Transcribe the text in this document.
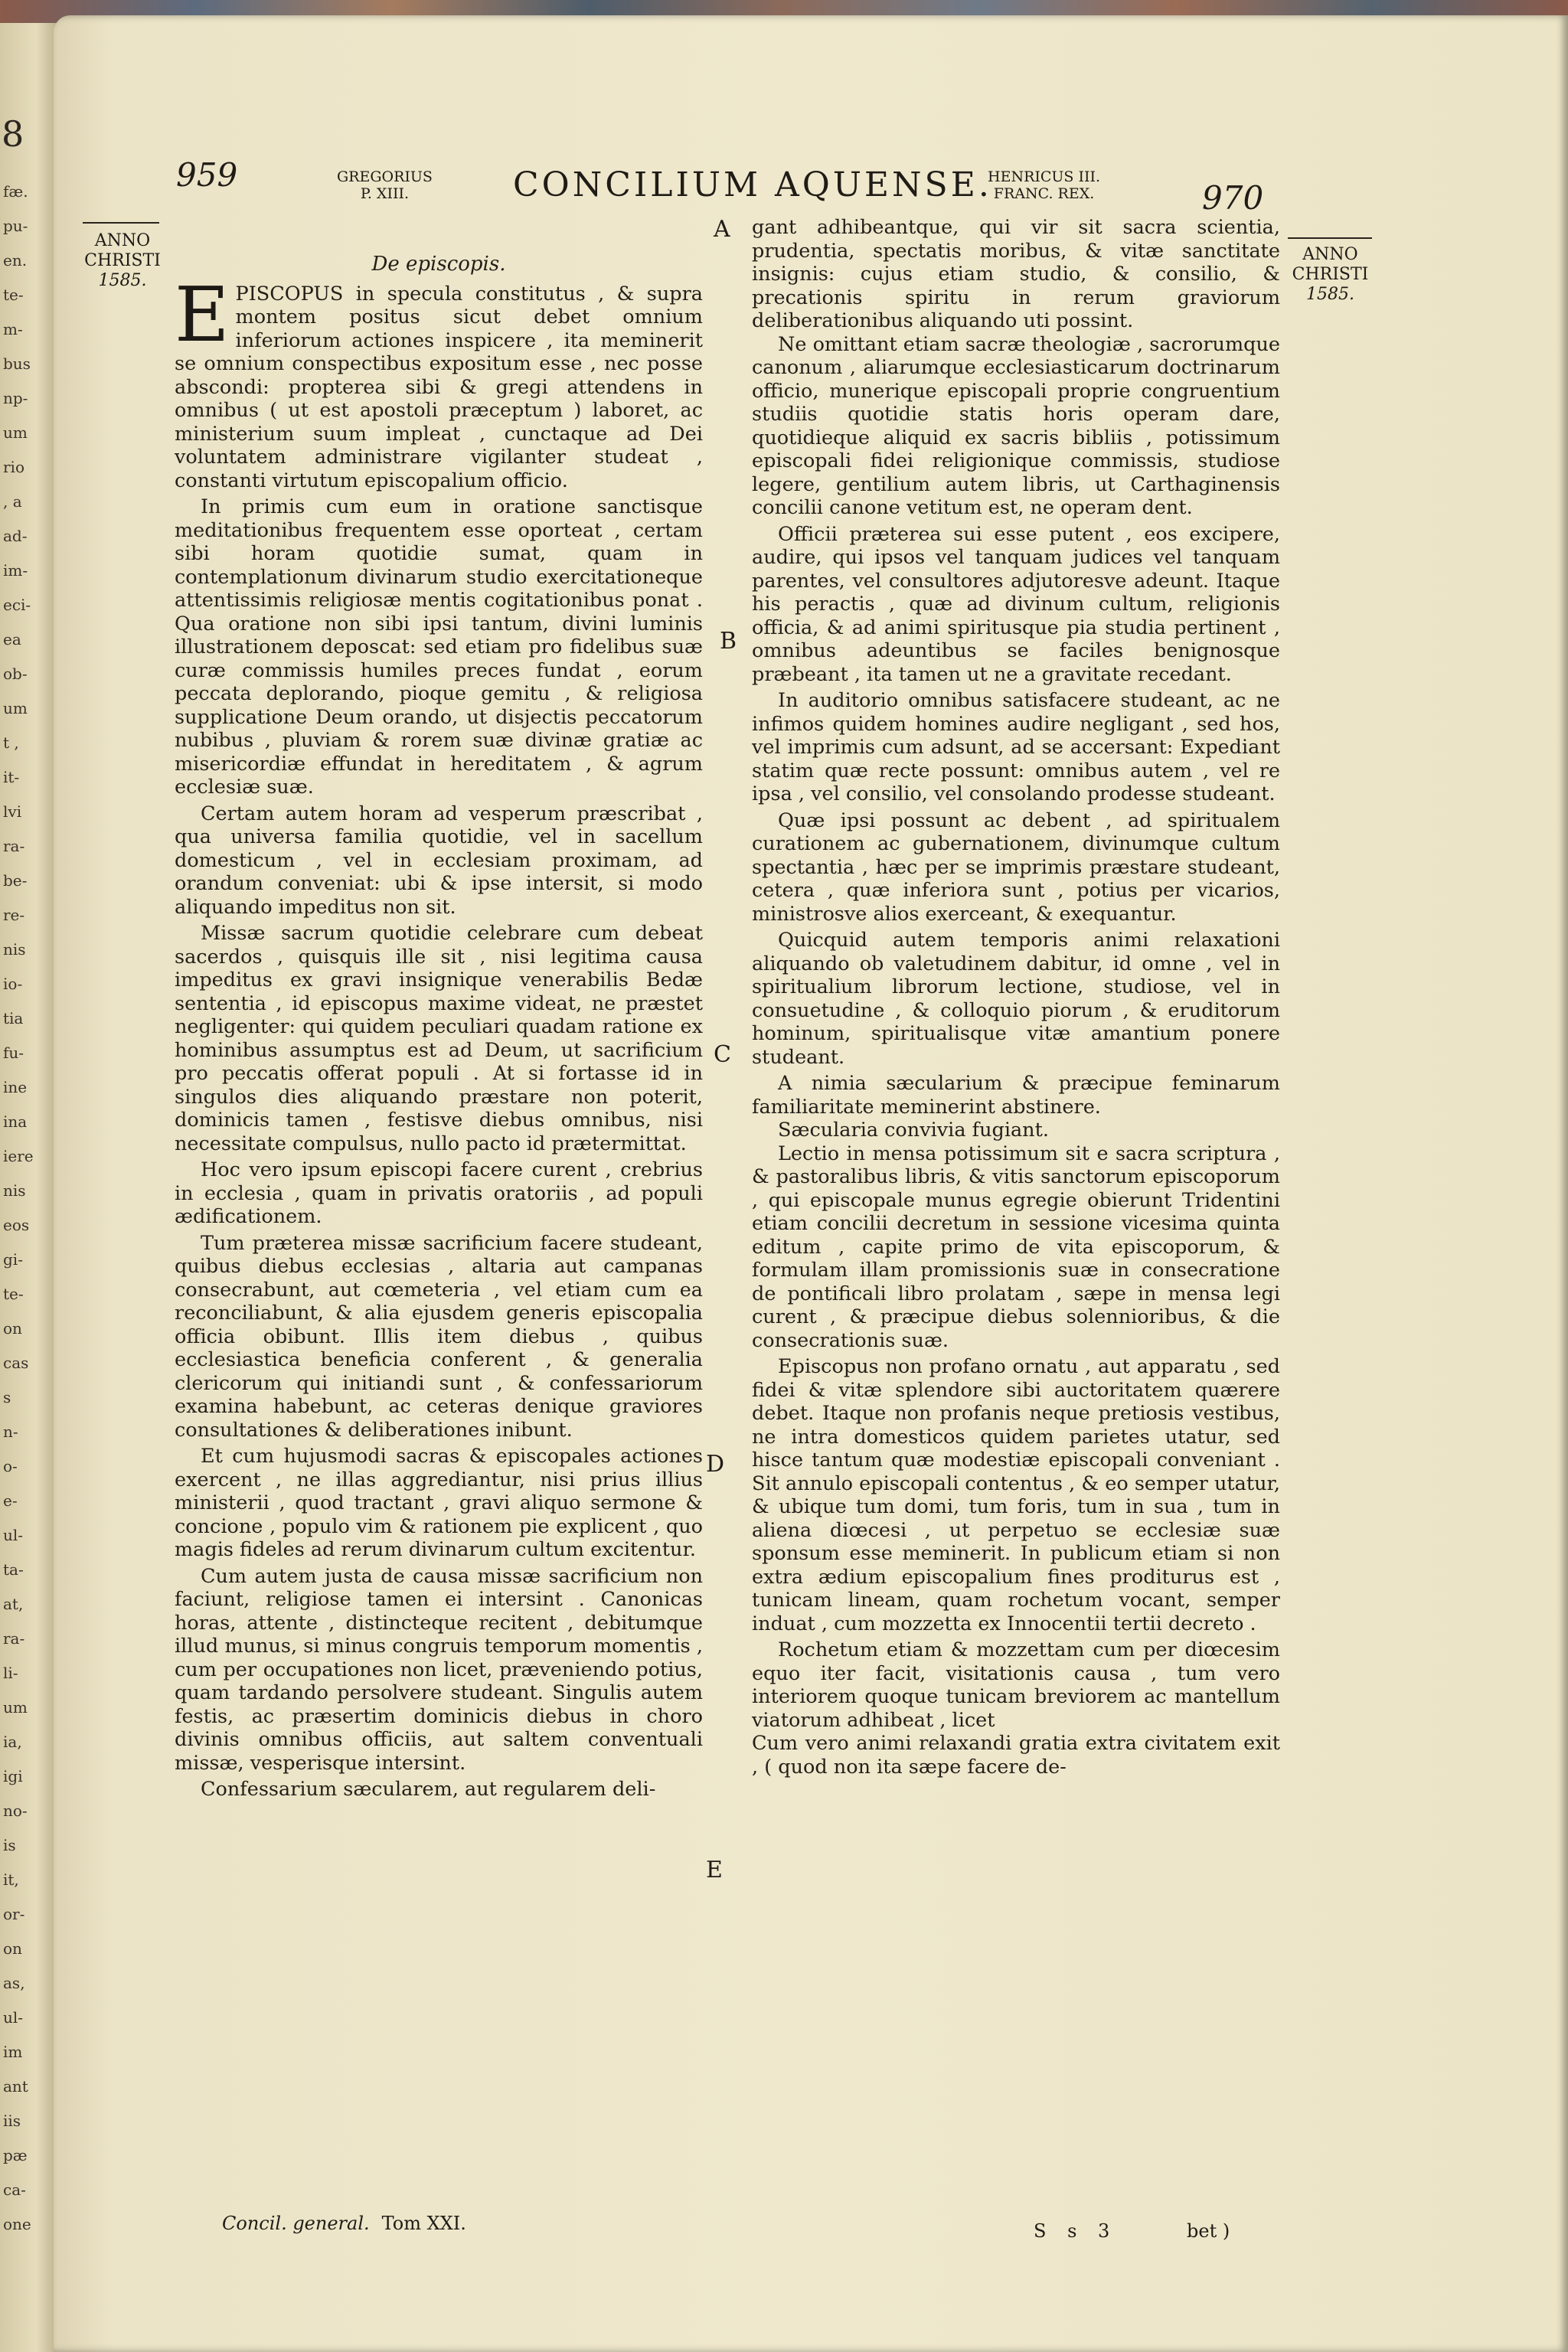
8
fæ.
pu-
en.
te-
m-
bus
np-
um
rio
, a
ad-
im-
eci-
ea
ob-
um
t ,
it-
lvi
ra-
be-
re-
nis
io-
tia
fu-
ine
ina
iere
nis
eos
gi-
te-
on
cas
s
n-
o-
e-
ul-
ta-
at,
ra-
li-
um
ia,
igi
no-
is
it,
or-
on
as,
ul-
im
ant
iis
pæ
ca-
one
959	GREGORIUS
P. XIII.	CONCILIUM AQUENSE.
HENRICUS III.
FRANC. REX.	970
ANNO
CHRISTI
1585.
ANNO
CHRISTI
1585.
A
B
C
D
E

De episcopis.

EPISCOPUS in specula constitutus , & supra montem positus sicut debet omnium inferiorum actiones inspicere , ita meminerit se omnium conspectibus expositum esse , nec posse abscondi: propterea sibi & gregi attendens in omnibus ( ut est apostoli præceptum ) laboret, ac ministerium suum impleat , cunctaque ad Dei voluntatem administrare vigilanter studeat , constanti virtutum episcopalium officio.

In primis cum eum in oratione sanctisque meditationibus frequentem esse oporteat , certam sibi horam quotidie sumat, quam in contemplationum divinarum studio exercitationeque attentissimis religiosæ mentis cogitationibus ponat . Qua oratione non sibi ipsi tantum, divini luminis illustrationem deposcat: sed etiam pro fidelibus suæ curæ commissis humiles preces fundat , eorum peccata deplorando, pioque gemitu , & religiosa supplicatione Deum orando, ut disjectis peccatorum nubibus , pluviam & rorem suæ divinæ gratiæ ac misericordiæ effundat in hereditatem , & agrum ecclesiæ suæ.

Certam autem horam ad vesperum præscribat , qua universa familia quotidie, vel in sacellum domesticum , vel in ecclesiam proximam, ad orandum conveniat: ubi & ipse intersit, si modo aliquando impeditus non sit.

Missæ sacrum quotidie celebrare cum debeat sacerdos , quisquis ille sit , nisi legitima causa impeditus ex gravi insignique venerabilis Bedæ sententia , id episcopus maxime videat, ne præstet negligenter: qui quidem peculiari quadam ratione ex hominibus assumptus est ad Deum, ut sacrificium pro peccatis offerat populi . At si fortasse id in singulos dies aliquando præstare non poterit, dominicis tamen , festisve diebus omnibus, nisi necessitate compulsus, nullo pacto id prætermittat.

Hoc vero ipsum episcopi facere curent , crebrius in ecclesia , quam in privatis oratoriis , ad populi ædificationem.

Tum præterea missæ sacrificium facere studeant, quibus diebus ecclesias , altaria aut campanas consecrabunt, aut cœmeteria , vel etiam cum ea reconciliabunt, & alia ejusdem generis episcopalia officia obibunt. Illis item diebus , quibus ecclesiastica beneficia conferent , & generalia clericorum qui initiandi sunt , & confessariorum examina habebunt, ac ceteras denique graviores consultationes & deliberationes inibunt.

Et cum hujusmodi sacras & episcopales actiones exercent , ne illas aggrediantur, nisi prius illius ministerii , quod tractant , gravi aliquo sermone & concione , populo vim & rationem pie explicent , quo magis fideles ad rerum divinarum cultum excitentur.

Cum autem justa de causa missæ sacrificium non faciunt, religiose tamen ei intersint . Canonicas horas, attente , distincteque recitent , debitumque illud munus, si minus congruis temporum momentis , cum per occupationes non licet, præveniendo potius, quam tardando persolvere studeant. Singulis autem festis, ac præsertim dominicis diebus in choro divinis omnibus officiis, aut saltem conventuali missæ, vesperisque intersint.

Confessarium sæcularem, aut regularem deli-

gant adhibeantque, qui vir sit sacra scientia, prudentia, spectatis moribus, & vitæ sanctitate insignis: cujus etiam studio, & consilio, & precationis spiritu in rerum graviorum deliberationibus aliquando uti possint.

Ne omittant etiam sacræ theologiæ , sacrorumque canonum , aliarumque ecclesiasticarum doctrinarum officio, munerique episcopali proprie congruentium studiis quotidie statis horis operam dare, quotidieque aliquid ex sacris bibliis , potissimum episcopali fidei religionique commissis, studiose legere, gentilium autem libris, ut Carthaginensis concilii canone vetitum est, ne operam dent.

Officii præterea sui esse putent , eos excipere, audire, qui ipsos vel tanquam judices vel tanquam parentes, vel consultores adjutoresve adeunt. Itaque his peractis , quæ ad divinum cultum, religionis officia, & ad animi spiritusque pia studia pertinent , omnibus adeuntibus se faciles benignosque præbeant , ita tamen ut ne a gravitate recedant.

In auditorio omnibus satisfacere studeant, ac ne infimos quidem homines audire negligant , sed hos, vel imprimis cum adsunt, ad se accersant: Expediant statim quæ recte possunt: omnibus autem , vel re ipsa , vel consilio, vel consolando prodesse studeant.

Quæ ipsi possunt ac debent , ad spiritualem curationem ac gubernationem, divinumque cultum spectantia , hæc per se imprimis præstare studeant, cetera , quæ inferiora sunt , potius per vicarios, ministrosve alios exerceant, & exequantur.

Quicquid autem temporis animi relaxationi aliquando ob valetudinem dabitur, id omne , vel in spiritualium librorum lectione, studiose, vel in consuetudine , & colloquio piorum , & eruditorum hominum, spiritualisque vitæ amantium ponere studeant.

A nimia sæcularium & præcipue feminarum familiaritate meminerint abstinere.

Sæcularia convivia fugiant.

Lectio in mensa potissimum sit e sacra scriptura , & pastoralibus libris, & vitis sanctorum episcoporum , qui episcopale munus egregie obierunt Tridentini etiam concilii decretum in sessione vicesima quinta editum , capite primo de vita episcoporum, & formulam illam promissionis suæ in consecratione de pontificali libro prolatam , sæpe in mensa legi curent , & præcipue diebus solennioribus, & die consecrationis suæ.

Episcopus non profano ornatu , aut apparatu , sed fidei & vitæ splendore sibi auctoritatem quærere debet. Itaque non profanis neque pretiosis vestibus, ne intra domesticos quidem parietes utatur, sed hisce tantum quæ modestiæ episcopali conveniant . Sit annulo episcopali contentus , & eo semper utatur, & ubique tum domi, tum foris, tum in sua , tum in aliena diœcesi , ut perpetuo se ecclesiæ suæ sponsum esse meminerit. In publicum etiam si non extra ædium episcopalium fines proditurus est , tunicam lineam, quam rochetum vocant, semper induat , cum mozzetta ex Innocentii tertii decreto .

Rochetum etiam & mozzettam cum per diœcesim equo iter facit, visitationis causa , tum vero interiorem quoque tunicam breviorem ac mantellum viatorum adhibeat , licet

Cum vero animi relaxandi gratia extra civitatem exit , ( quod non ita sæpe facere de-

Concil. general. Tom XXI.	S s 3	bet )
